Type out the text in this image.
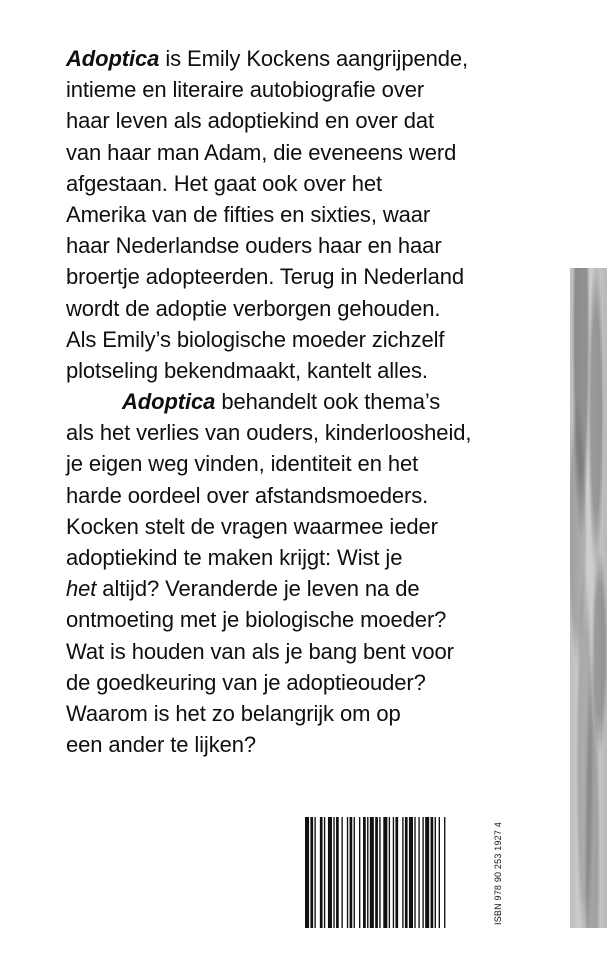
Adoptica is Emily Kockens aangrijpende,
intieme en literaire autobiografie over
haar leven als adoptiekind en over dat
van haar man Adam, die eveneens werd
afgestaan. Het gaat ook over het
Amerika van de fifties en sixties, waar
haar Nederlandse ouders haar en haar
broertje adopteerden. Terug in Nederland
wordt de adoptie verborgen gehouden.
Als Emily’s biologische moeder zichzelf
plotseling bekendmaakt, kantelt alles.
Adoptica behandelt ook thema’s
als het verlies van ouders, kinderloosheid,
je eigen weg vinden, identiteit en het
harde oordeel over afstandsmoeders.
Kocken stelt de vragen waarmee ieder
adoptiekind te maken krijgt: Wist je
het altijd? Veranderde je leven na de
ontmoeting met je biologische moeder?
Wat is houden van als je bang bent voor
de goedkeuring van je adoptieouder?
Waarom is het zo belangrijk om op
een ander te lijken?
ISBN 978 90 253 1927 4
